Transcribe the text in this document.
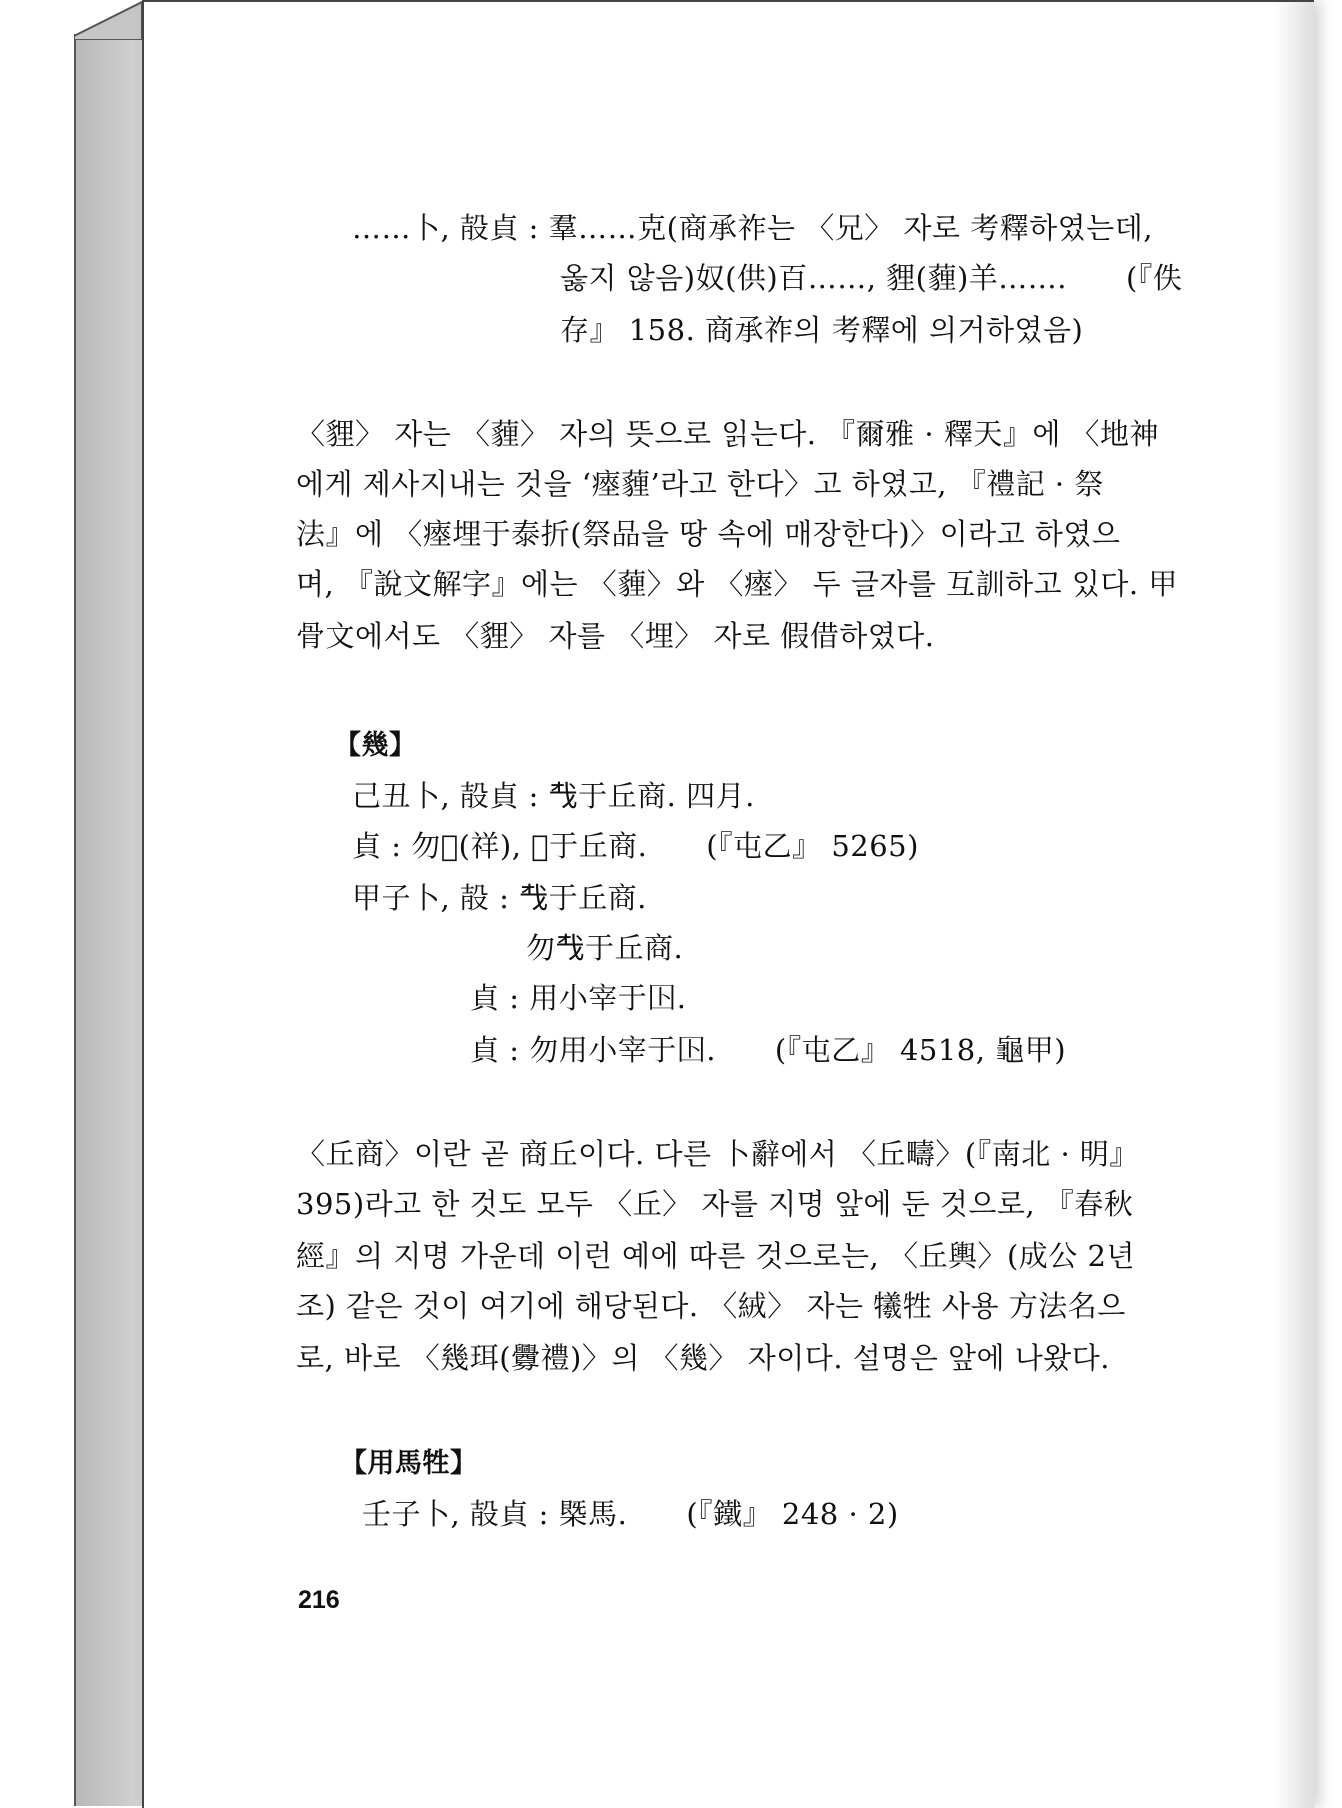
……卜, 㱿貞 : 羣……克(商承祚는 〈兄〉 자로 考釋하였는데,
옳지 않음)奴(供)百……, 貍(薶)羊…….　　(『佚
存』 158. 商承祚의 考釋에 의거하였음)
〈貍〉 자는 〈薶〉 자의 뜻으로 읽는다. 『爾雅 · 釋天』에 〈地神
에게 제사지내는 것을 ‘瘞薶’라고 한다〉고 하였고, 『禮記 · 祭
法』에 〈瘞埋于泰折(祭品을 땅 속에 매장한다)〉이라고 하였으
며, 『說文解字』에는 〈薶〉와 〈瘞〉 두 글자를 互訓하고 있다. 甲
骨文에서도 〈貍〉 자를 〈埋〉 자로 假借하였다.
【幾】
己丑卜, 㱿貞 : 𢦔于丘商. 四月.
貞 : 勿𤉲(祥), 𢦔于丘商.　　(『屯乙』 5265)
甲子卜, 㱿 : 𢦔于丘商.
勿𢦔于丘商.
貞 : 用小宰于𡆥.
貞 : 勿用小宰于𡆥.　　(『屯乙』 4518, 龜甲)
〈丘商〉이란 곧 商丘이다. 다른 卜辭에서 〈丘疇〉(『南北 · 明』
395)라고 한 것도 모두 〈丘〉 자를 지명 앞에 둔 것으로, 『春秋
經』의 지명 가운데 이런 예에 따른 것으로는, 〈丘輿〉(成公 2년
조) 같은 것이 여기에 해당된다. 〈絨〉 자는 犧牲 사용 方法名으
로, 바로 〈幾珥(釁禮)〉의 〈幾〉 자이다. 설명은 앞에 나왔다.
【用馬牲】
壬子卜, 㱿貞 : 槩馬.　　(『鐵』 248 · 2)
216
